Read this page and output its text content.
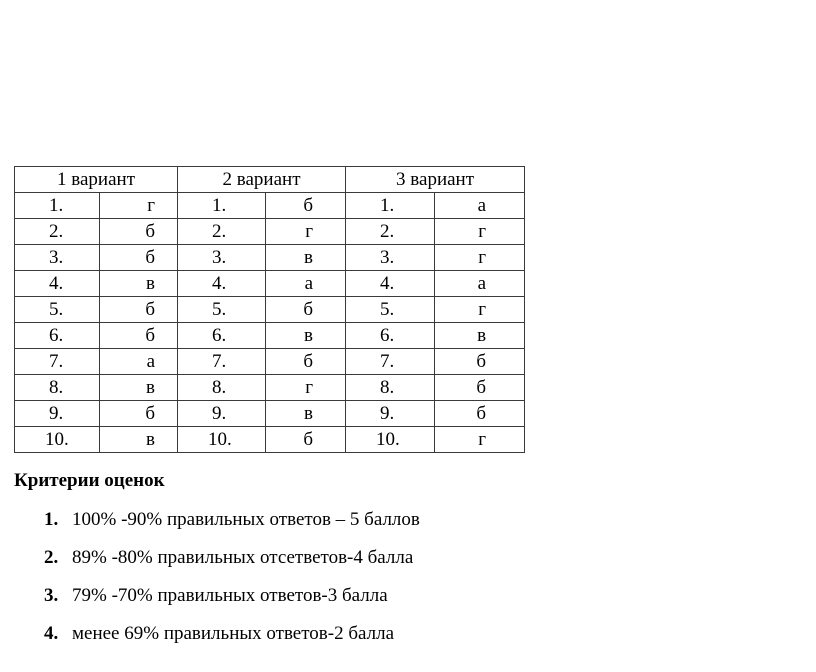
1 вариант		2 вариант		3 вариант	
1.	г	1.	б	1.	а
2.	б	2.	г	2.	г
3.	б	3.	в	3.	г
4.	в	4.	а	4.	а
5.	б	5.	б	5.	г
6.	б	6.	в	6.	в
7.	а	7.	б	7.	б
8.	в	8.	г	8.	б
9.	б	9.	в	9.	б
10.	в	10.	б	10.	г
Критерии оценок
1. 100% -90% правильных ответов – 5 баллов
2. 89% -80% правильных отсетветов-4 балла
3. 79% -70% правильных ответов-3 балла
4. менее 69% правильных ответов-2 балла
